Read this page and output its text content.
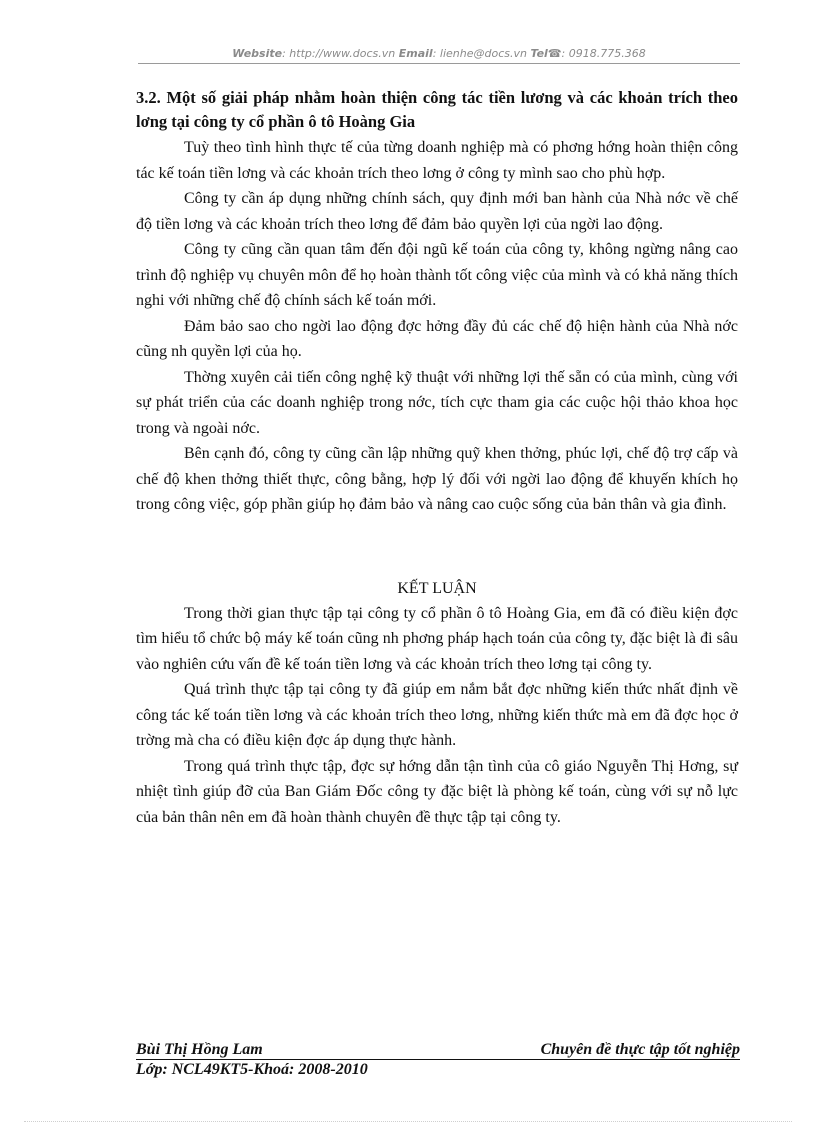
Website: http://www.docs.vn Email: lienhe@docs.vn Tel☎: 0918.775.368

3.2. Một số giải pháp nhằm hoàn thiện công tác tiền lương và các khoản trích theo lơng tại công ty cổ phần ô tô Hoàng Gia

Tuỳ theo tình hình thực tế của từng doanh nghiệp mà có phơng hớng hoàn thiện công tác kế toán tiền lơng và các khoản trích theo lơng ở công ty mình sao cho phù hợp.

Công ty cần áp dụng những chính sách, quy định mới ban hành của Nhà nớc về chế độ tiền lơng và các khoản trích theo lơng để đảm bảo quyền lợi của ngời lao động.

Công ty cũng cần quan tâm đến đội ngũ kế toán của công ty, không ngừng nâng cao trình độ nghiệp vụ chuyên môn để họ hoàn thành tốt công việc của mình và có khả năng thích nghi với những chế độ chính sách kế toán mới.

Đảm bảo sao cho ngời lao động đợc hởng đầy đủ các chế độ hiện hành của Nhà nớc cũng nh quyền lợi của họ.

Thờng xuyên cải tiến công nghệ kỹ thuật với những lợi thế sẵn có của mình, cùng với sự phát triển của các doanh nghiệp trong nớc, tích cực tham gia các cuộc hội thảo khoa học trong và ngoài nớc.

Bên cạnh đó, công ty cũng cần lập những quỹ khen thởng, phúc lợi, chế độ trợ cấp và chế độ khen thởng thiết thực, công bằng, hợp lý đối với ngời lao động để khuyến khích họ trong công việc, góp phần giúp họ đảm bảo và nâng cao cuộc sống của bản thân và gia đình.

KẾT LUẬN

Trong thời gian thực tập tại công ty cổ phần ô tô Hoàng Gia, em đã có điều kiện đợc tìm hiểu tổ chức bộ máy kế toán cũng nh phơng pháp hạch toán của công ty, đặc biệt là đi sâu vào nghiên cứu vấn đề kế toán tiền lơng và các khoản trích theo lơng tại công ty.

Quá trình thực tập tại công ty đã giúp em nắm bắt đợc những kiến thức nhất định về công tác kế toán tiền lơng và các khoản trích theo lơng, những kiến thức mà em đã đợc học ở trờng mà cha có điều kiện đợc áp dụng thực hành.

Trong quá trình thực tập, đợc sự hớng dẫn tận tình của cô giáo Nguyễn Thị Hơng, sự nhiệt tình giúp đỡ của Ban Giám Đốc công ty đặc biệt là phòng kế toán, cùng với sự nỗ lực của bản thân nên em đã hoàn thành chuyên đề thực tập tại công ty.

Bùi Thị Hồng Lam	Chuyên đề thực tập tốt nghiệp
Lớp: NCL49KT5-Khoá: 2008-2010
